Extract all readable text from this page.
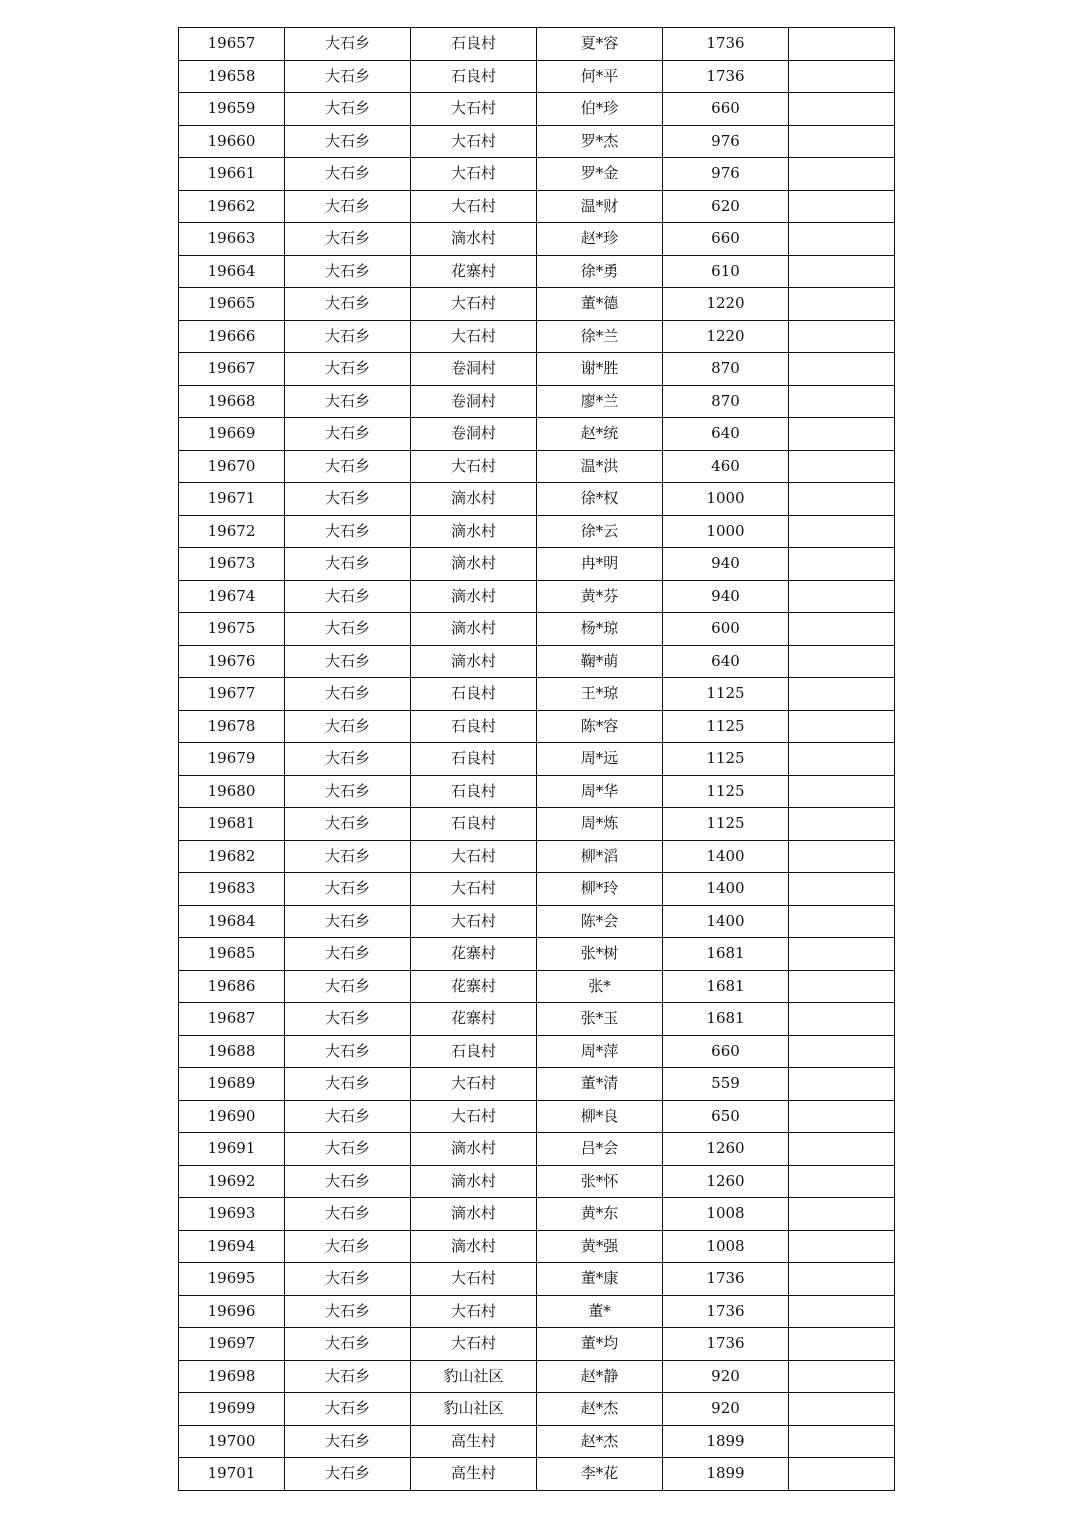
19657	大石乡	石良村	夏*容	1736	
19658	大石乡	石良村	何*平	1736	
19659	大石乡	大石村	伯*珍	660	
19660	大石乡	大石村	罗*杰	976	
19661	大石乡	大石村	罗*金	976	
19662	大石乡	大石村	温*财	620	
19663	大石乡	滴水村	赵*珍	660	
19664	大石乡	花寨村	徐*勇	610	
19665	大石乡	大石村	董*德	1220	
19666	大石乡	大石村	徐*兰	1220	
19667	大石乡	卷洞村	谢*胜	870	
19668	大石乡	卷洞村	廖*兰	870	
19669	大石乡	卷洞村	赵*统	640	
19670	大石乡	大石村	温*洪	460	
19671	大石乡	滴水村	徐*权	1000	
19672	大石乡	滴水村	徐*云	1000	
19673	大石乡	滴水村	冉*明	940	
19674	大石乡	滴水村	黄*芬	940	
19675	大石乡	滴水村	杨*琼	600	
19676	大石乡	滴水村	鞠*萌	640	
19677	大石乡	石良村	王*琼	1125	
19678	大石乡	石良村	陈*容	1125	
19679	大石乡	石良村	周*远	1125	
19680	大石乡	石良村	周*华	1125	
19681	大石乡	石良村	周*炼	1125	
19682	大石乡	大石村	柳*滔	1400	
19683	大石乡	大石村	柳*玲	1400	
19684	大石乡	大石村	陈*会	1400	
19685	大石乡	花寨村	张*树	1681	
19686	大石乡	花寨村	张*	1681	
19687	大石乡	花寨村	张*玉	1681	
19688	大石乡	石良村	周*萍	660	
19689	大石乡	大石村	董*清	559	
19690	大石乡	大石村	柳*良	650	
19691	大石乡	滴水村	吕*会	1260	
19692	大石乡	滴水村	张*怀	1260	
19693	大石乡	滴水村	黄*东	1008	
19694	大石乡	滴水村	黄*强	1008	
19695	大石乡	大石村	董*康	1736	
19696	大石乡	大石村	董*	1736	
19697	大石乡	大石村	董*均	1736	
19698	大石乡	豹山社区	赵*静	920	
19699	大石乡	豹山社区	赵*杰	920	
19700	大石乡	高生村	赵*杰	1899	
19701	大石乡	高生村	李*花	1899	
